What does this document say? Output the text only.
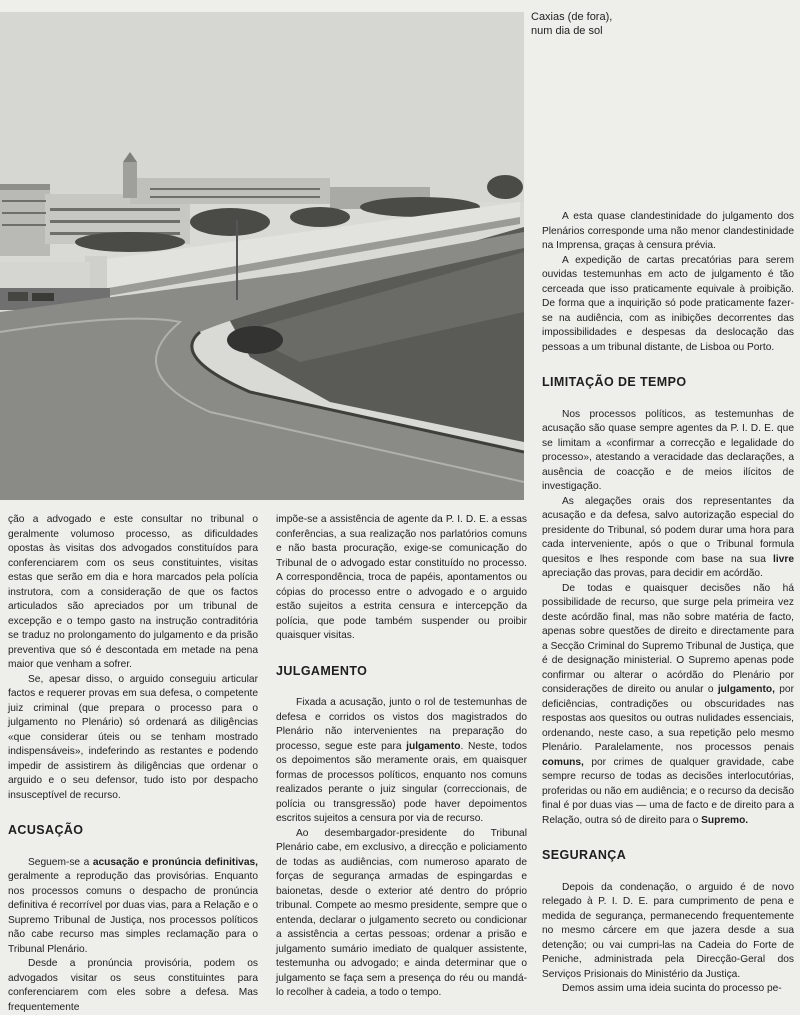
Caxias (de fora),
num dia de sol

A esta quase clandestinidade do julgamento dos Plenários corresponde uma não menor clandestinidade na Imprensa, graças à censura prévia.

A expedição de cartas precatórias para serem ouvidas testemunhas em acto de julgamento é tão cerceada que isso praticamente equivale à proibição. De forma que a inquirição só pode praticamente fazer-se na audiência, com as inibições decorrentes das impossibilidades e despesas da deslocação das pessoas a um tribunal distante, de Lisboa ou Porto.

LIMITAÇÃO DE TEMPO

Nos processos políticos, as testemunhas de acusação são quase sempre agentes da P. I. D. E. que se limitam a «confirmar a correcção e legalidade do processo», atestando a veracidade das declarações, a ausência de coacção e de meios ilícitos de investigação.

As alegações orais dos representantes da acusação e da defesa, salvo autorização especial do presidente do Tribunal, só podem durar uma hora para cada interveniente, após o que o Tribunal formula quesitos e lhes responde com base na sua livre apreciação das provas, para decidir em acórdão.

De todas e quaisquer decisões não há possibilidade de recurso, que surge pela primeira vez deste acórdão final, mas não sobre matéria de facto, apenas sobre questões de direito e directamente para a Secção Criminal do Supremo Tribunal de Justiça, que é de designação ministerial. O Supremo apenas pode confirmar ou alterar o acórdão do Plenário por considerações de direito ou anular o julgamento, por deficiências, contradições ou obscuridades nas respostas aos quesitos ou outras nulidades essenciais, ordenando, neste caso, a sua repetição pelo mesmo Plenário. Paralelamente, nos processos penais comuns, por crimes de qualquer gravidade, cabe sempre recurso de todas as decisões interlocutórias, proferidas ou não em audiência; e o recurso da decisão final é por duas vias — uma de facto e de direito para a Relação, outra só de direito para o Supremo.

SEGURANÇA

Depois da condenação, o arguido é de novo relegado à P. I. D. E. para cumprimento de pena e medida de segurança, permanecendo frequentemente no mesmo cárcere em que jazera desde a sua detenção; ou vai cumpri-las na Cadeia do Forte de Peniche, administrada pela Direcção-Geral dos Serviços Prisionais do Ministério da Justiça.

Demos assim uma ideia sucinta do processo pe-

ção a advogado e este consultar no tribunal o geralmente volumoso processo, as dificuldades opostas às visitas dos advogados constituídos para conferenciarem com os seus constituintes, visitas estas que serão em dia e hora marcados pela polícia instrutora, com a consideração de que os factos articulados são apreciados por um tribunal de excepção e o tempo gasto na instrução contraditória se traduz no prolongamento do julgamento e da prisão preventiva que só é descontada em metade na pena maior que venham a sofrer.

Se, apesar disso, o arguido conseguiu articular factos e requerer provas em sua defesa, o competente juiz criminal (que prepara o processo para o julgamento no Plenário) só ordenará as diligências «que considerar úteis ou se tenham mostrado indispensáveis», indeferindo as restantes e podendo impedir de assistirem às diligências que ordenar o arguido e o seu defensor, tudo isto por despacho insusceptível de recurso.

ACUSAÇÃO

Seguem-se a acusação e pronúncia definitivas, geralmente a reprodução das provisórias. Enquanto nos processos comuns o despacho de pronúncia definitiva é recorrível por duas vias, para a Relação e o Supremo Tribunal de Justiça, nos processos políticos não cabe recurso mas simples reclamação para o Tribunal Plenário.

Desde a pronúncia provisória, podem os advogados visitar os seus constituintes para conferenciarem com eles sobre a defesa. Mas frequentemente

impõe-se a assistência de agente da P. I. D. E. a essas conferências, a sua realização nos parlatórios comuns e não basta procuração, exige-se comunicação do Tribunal de o advogado estar constituído no processo. A correspondência, troca de papéis, apontamentos ou cópias do processo entre o advogado e o arguido estão sujeitos a estrita censura e intercepção da polícia, que pode também suspender ou proibir quaisquer visitas.

JULGAMENTO

Fixada a acusação, junto o rol de testemunhas de defesa e corridos os vistos dos magistrados do Plenário não intervenientes na preparação do processo, segue este para julgamento. Neste, todos os depoimentos são meramente orais, em quaisquer formas de processos políticos, enquanto nos comuns realizados perante o juiz singular (correccionais, de polícia ou transgressão) pode haver depoimentos escritos sujeitos a censura por via de recurso.

Ao desembargador-presidente do Tribunal Plenário cabe, em exclusivo, a direcção e policiamento de todas as audiências, com numeroso aparato de forças de segurança armadas de espingardas e baionetas, desde o exterior até dentro do próprio tribunal. Compete ao mesmo presidente, sempre que o entenda, declarar o julgamento secreto ou condicionar a assistência a certas pessoas; ordenar a prisão e julgamento sumário imediato de qualquer assistente, testemunha ou advogado; e ainda determinar que o julgamento se faça sem a presença do réu ou mandá-lo recolher à cadeia, a todo o tempo.
